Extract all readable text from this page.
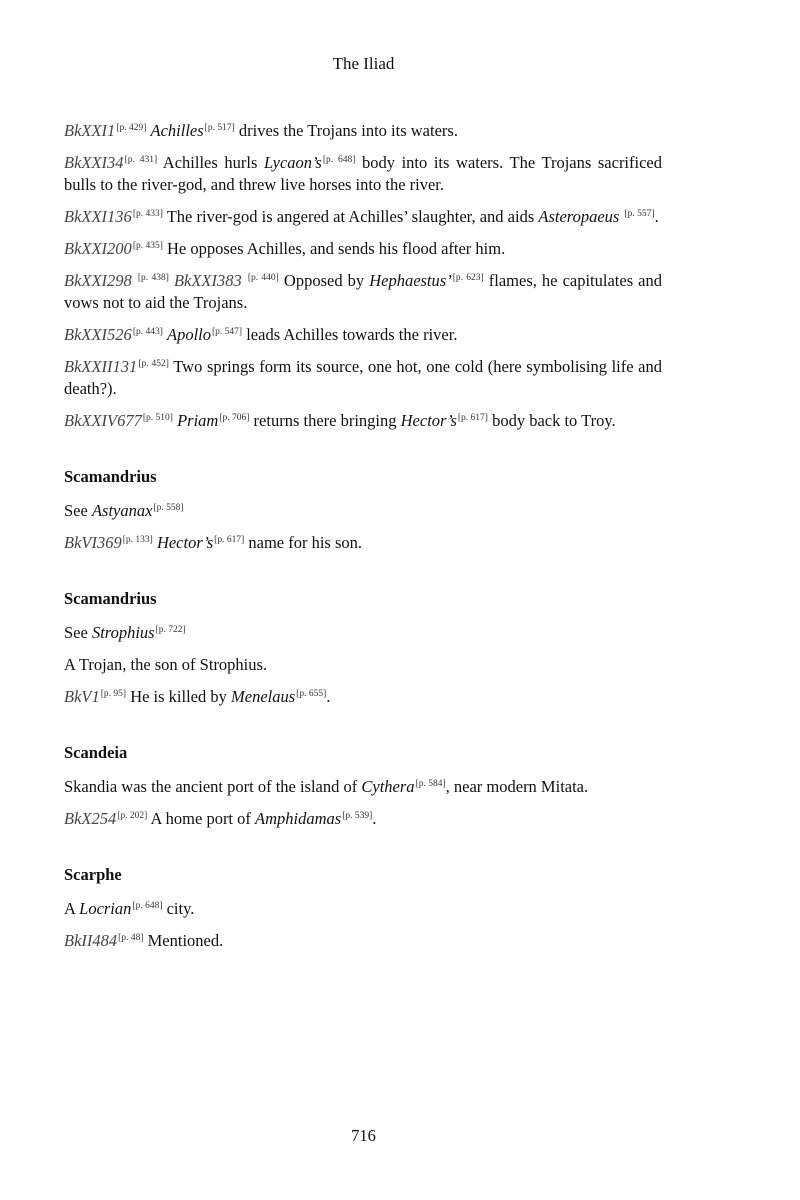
The Iliad

BkXXI1[p. 429] Achilles[p. 517] drives the Trojans into its waters.

BkXXI34[p. 431] Achilles hurls Lycaon’s[p. 648] body into its waters. The Trojans sacrificed bulls to the river-god, and threw live horses into the river.

BkXXI136[p. 433] The river-god is angered at Achilles’ slaughter, and aids Asteropaeus [p. 557].

BkXXI200[p. 435] He opposes Achilles, and sends his flood after him.

BkXXI298 [p. 438] BkXXI383 [p. 440] Opposed by Hephaestus’[p. 623] flames, he capitulates and vows not to aid the Trojans.

BkXXI526[p. 443] Apollo[p. 547] leads Achilles towards the river.

BkXXII131[p. 452] Two springs form its source, one hot, one cold (here symbolising life and death?).

BkXXIV677[p. 510] Priam[p. 706] returns there bringing Hector’s[p. 617] body back to Troy.

Scamandrius

See Astyanax[p. 558]

BkVI369[p. 133] Hector’s[p. 617] name for his son.

Scamandrius

See Strophius[p. 722]

A Trojan, the son of Strophius.

BkV1[p. 95] He is killed by Menelaus[p. 655].

Scandeia

Skandia was the ancient port of the island of Cythera[p. 584], near modern Mitata.

BkX254[p. 202] A home port of Amphidamas[p. 539].

Scarphe

A Locrian[p. 648] city.

BkII484[p. 48] Mentioned.

716
